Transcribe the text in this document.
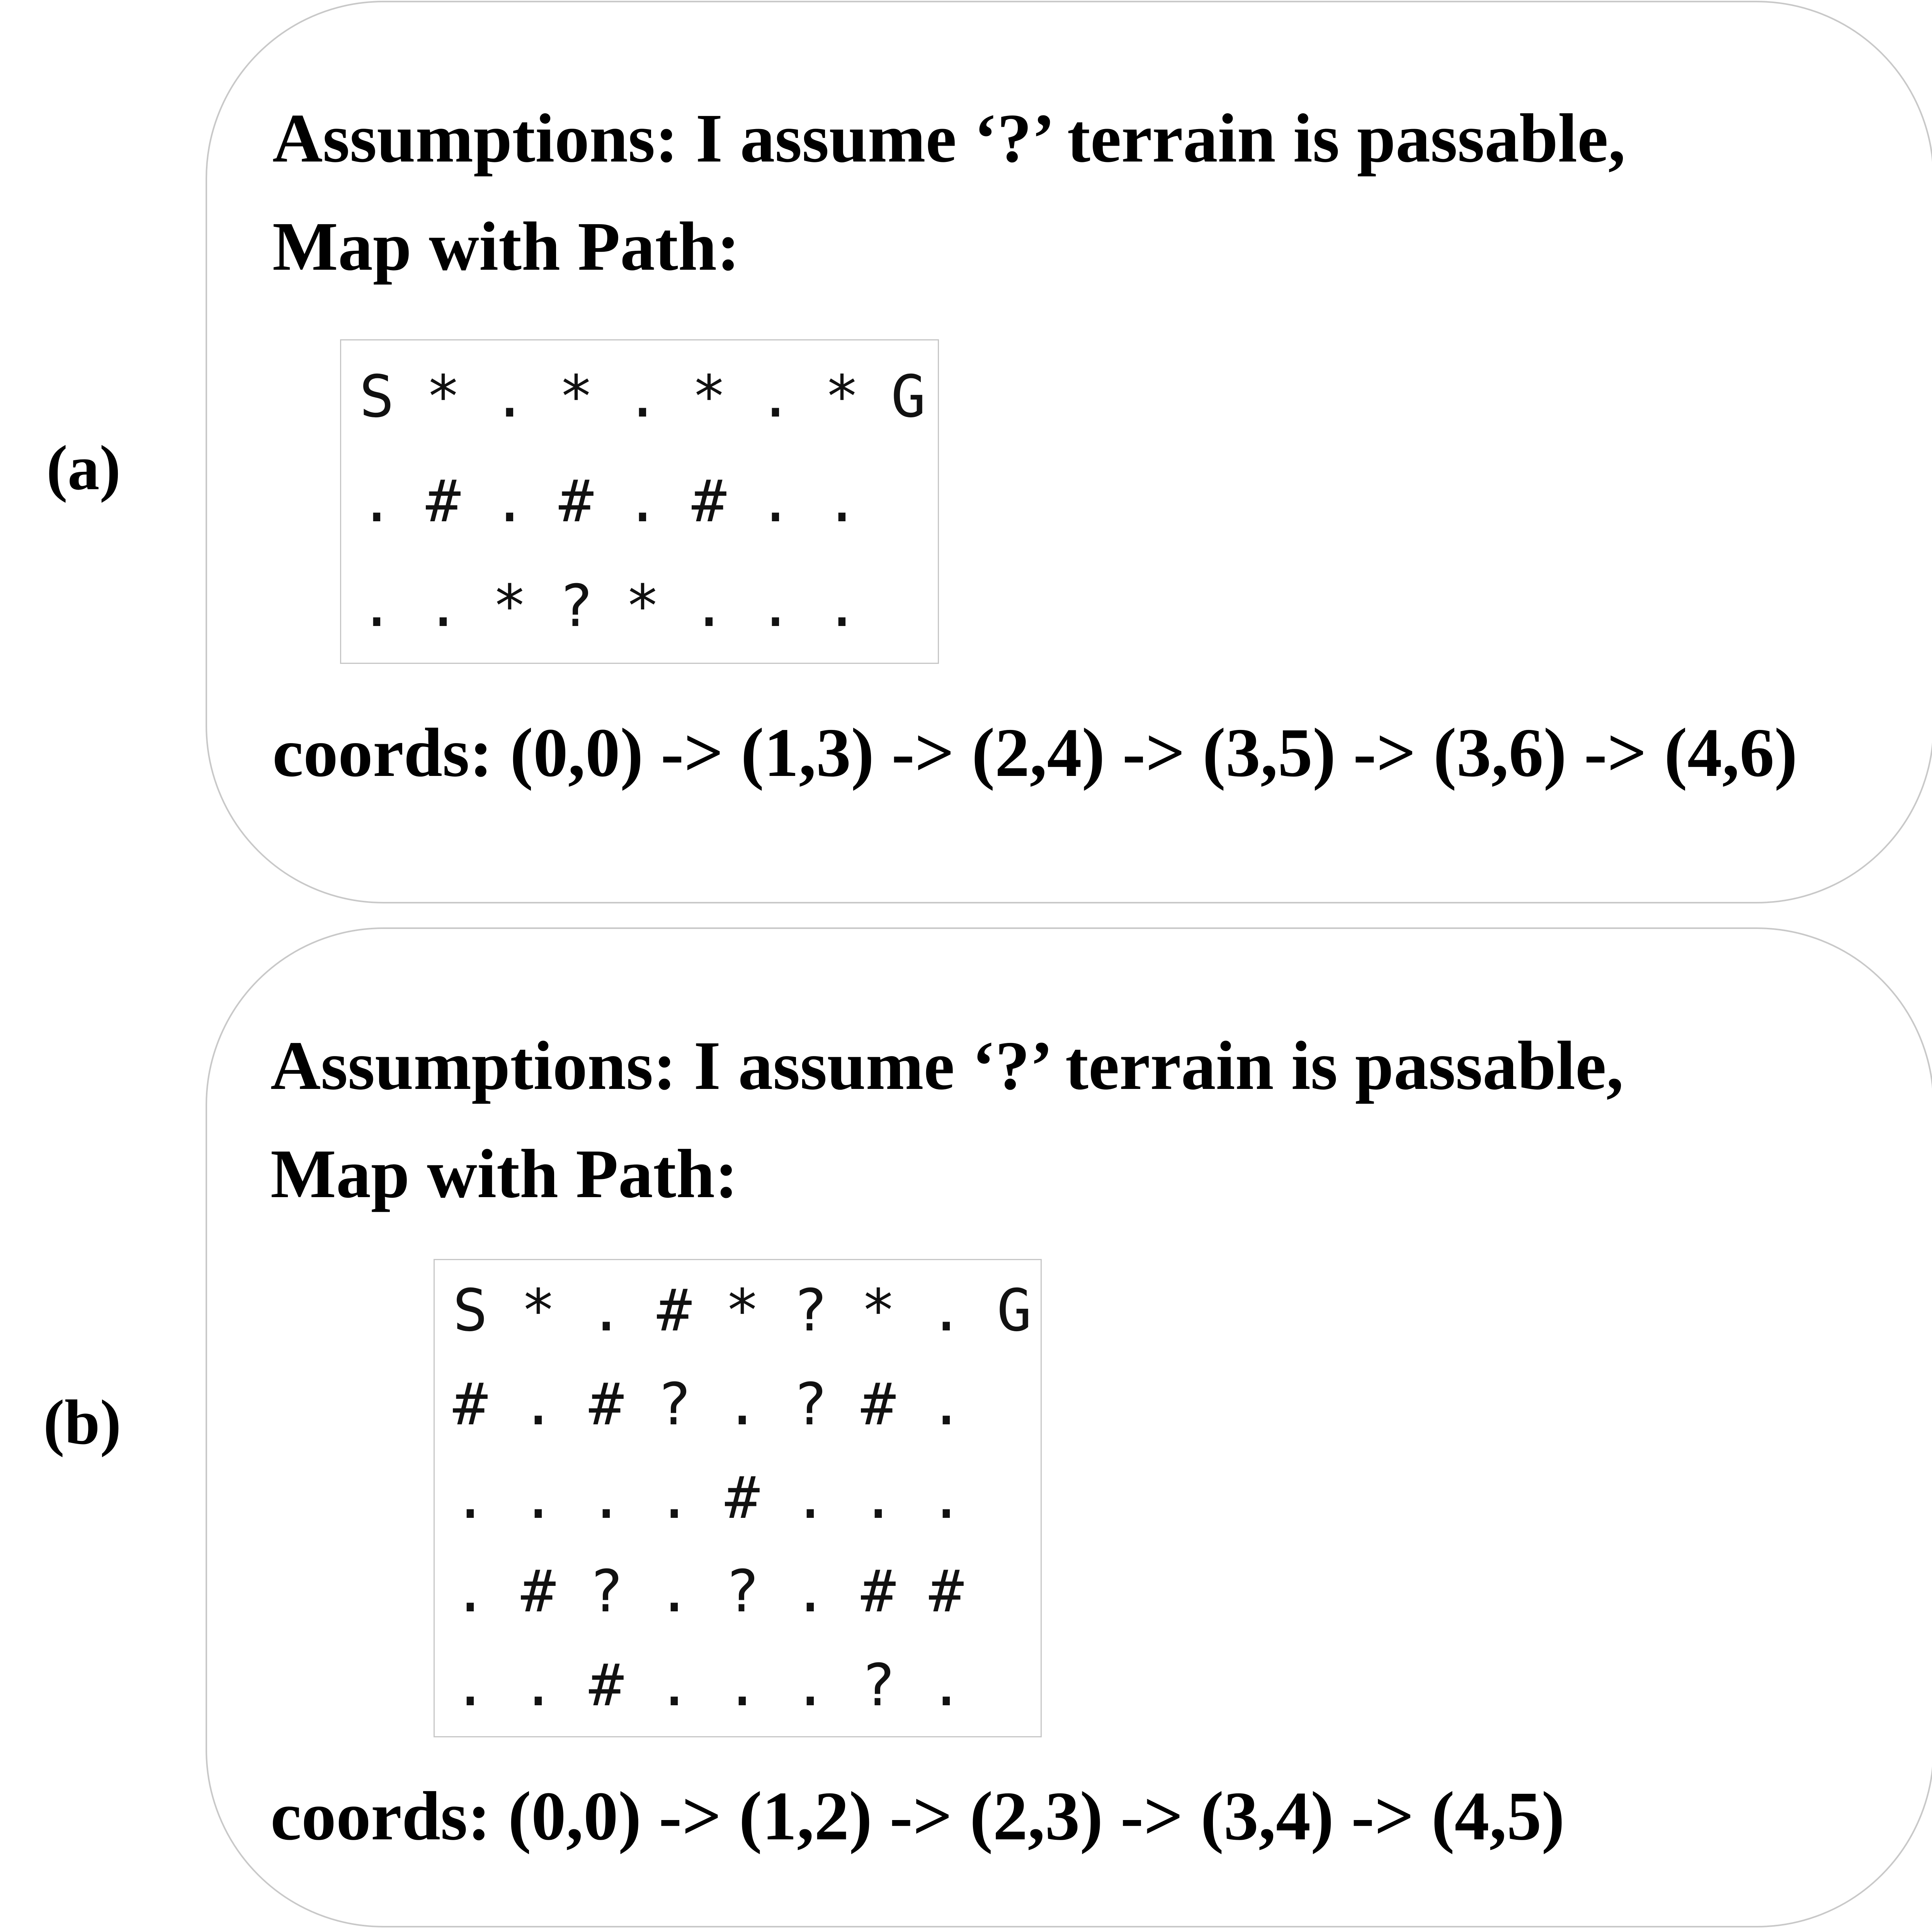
(a)
Assumptions: I assume ‘?’ terrain is passable,
Map with Path:
S * . * . * . * G
. # . # . # . .
. . * ? * . . .
coords: (0,0) -> (1,3) -> (2,4) -> (3,5) -> (3,6) -> (4,6)
(b)
Assumptions: I assume ‘?’ terrain is passable,
Map with Path:
S * . # * ? * . G
# . # ? . ? # .
. . . . # . . .
. # ? . ? . # #
. . # . . . ? .
coords: (0,0) -> (1,2) -> (2,3) -> (3,4) -> (4,5)
